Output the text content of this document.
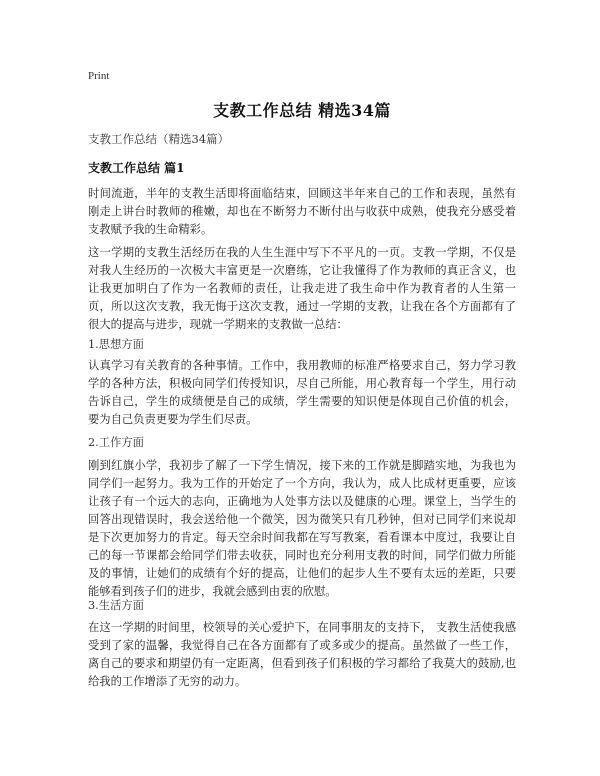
Print
支教工作总结 精选34篇
支教工作总结（精选34篇）
支教工作总结 篇1

时间流逝，半年的支教生活即将面临结束，回顾这半年来自己的工作和表现，虽然有刚走上讲台时教师的稚嫩，却也在不断努力不断付出与收获中成熟，使我充分感受着支教赋予我的生命精彩。

这一学期的支教生活经历在我的人生生涯中写下不平凡的一页。支教一学期，不仅是对我人生经历的一次极大丰富更是一次磨练，它让我懂得了作为教师的真正含义，也让我更加明白了作为一名教师的责任，让我走进了我生命中作为教育者的人生第一页，所以这次支教，我无悔于这次支教，通过一学期的支教，让我在各个方面都有了很大的提高与进步，现就一学期来的支教做一总结：

1.思想方面

认真学习有关教育的各种事情。工作中，我用教师的标准严格要求自己，努力学习教学的各种方法，积极向同学们传授知识，尽自己所能，用心教育每一个学生，用行动告诉自己，学生的成绩便是自己的成绩，学生需要的知识便是体现自己价值的机会，要为自己负责更要为学生们尽责。

2.工作方面

刚到红旗小学，我初步了解了一下学生情况，接下来的工作就是脚踏实地，为我也为同学们一起努力。我为工作的开始定了一个方向，我认为，成人比成材更重要，应该让孩子有一个远大的志向，正确地为人处事方法以及健康的心理。课堂上，当学生的回答出现错误时，我会送给他一个微笑，因为微笑只有几秒钟，但对已同学们来说却是下次更加努力的肯定。每天空余时间我都在写写教案，看看课本中度过，我要让自己的每一节课都会给同学们带去收获，同时也充分利用支教的时间，同学们做力所能及的事情，让她们的成绩有个好的提高，让他们的起步人生不要有太远的差距，只要能够看到孩子们的进步，我就会感到由衷的欣慰。

3.生活方面

在这一学期的时间里，校领导的关心爱护下，在同事朋友的支持下， 支教生活使我感受到了家的温馨，我觉得自己在各方面都有了或多或少的提高。虽然做了一些工作，离自己的要求和期望仍有一定距离，但看到孩子们积极的学习都给了我莫大的鼓励,也给我的工作增添了无穷的动力。
